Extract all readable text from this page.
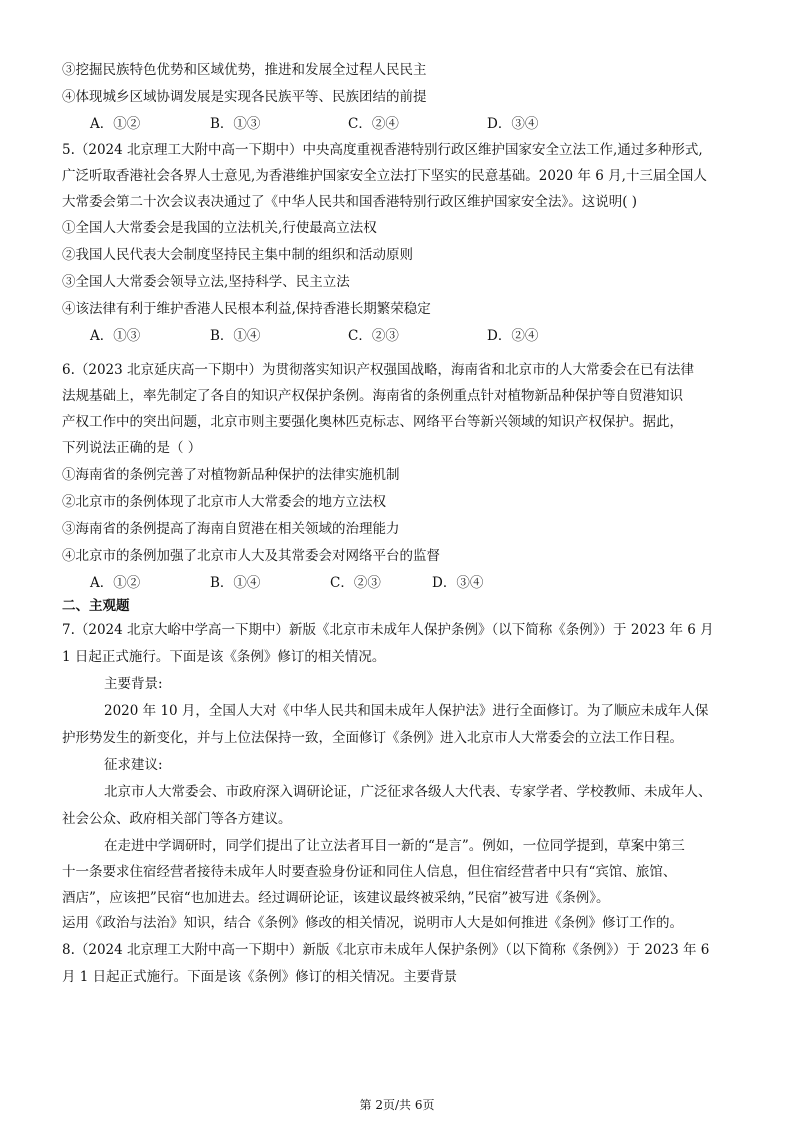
③挖掘民族特色优势和区域优势，推进和发展全过程人民民主
④体现城乡区域协调发展是实现各民族平等、民族团结的前提
A．①②	B．①③	C．②④	D．③④
5.（2024 北京理工大附中高一下期中）中央高度重视香港特别行政区维护国家安全立法工作,通过多种形式,
广泛听取香港社会各界人士意见,为香港维护国家安全立法打下坚实的民意基础。2020 年 6 月,十三届全国人
大常委会第二十次会议表决通过了《中华人民共和国香港特别行政区维护国家安全法》。这说明( )
①全国人大常委会是我国的立法机关,行使最高立法权
②我国人民代表大会制度坚持民主集中制的组织和活动原则
③全国人大常委会领导立法,坚持科学、民主立法
④该法律有利于维护香港人民根本利益,保持香港长期繁荣稳定
A．①③	B．①④	C．②③	D．②④
6.（2023 北京延庆高一下期中）为贯彻落实知识产权强国战略，海南省和北京市的人大常委会在已有法律
法规基础上，率先制定了各自的知识产权保护条例。海南省的条例重点针对植物新品种保护等自贸港知识
产权工作中的突出问题，北京市则主要强化奥林匹克标志、网络平台等新兴领域的知识产权保护。据此，
下列说法正确的是（ ）
①海南省的条例完善了对植物新品种保护的法律实施机制
②北京市的条例体现了北京市人大常委会的地方立法权
③海南省的条例提高了海南自贸港在相关领域的治理能力
④北京市的条例加强了北京市人大及其常委会对网络平台的监督
A．①②	B．①④	C．②③	D．③④
二、主观题
7.（2024 北京大峪中学高一下期中）新版《北京市未成年人保护条例》（以下简称《条例》）于 2023 年 6 月
1 日起正式施行。下面是该《条例》修订的相关情况。
主要背景:
2020 年 10 月，全国人大对《中华人民共和国未成年人保护法》进行全面修订。为了顺应未成年人保
护形势发生的新变化，并与上位法保持一致，全面修订《条例》进入北京市人大常委会的立法工作日程。
征求建议:
北京市人大常委会、市政府深入调研论证，广泛征求各级人大代表、专家学者、学校教师、未成年人、
社会公众、政府相关部门等各方建议。
在走进中学调研时，同学们提出了让立法者耳目一新的“是言”。例如，一位同学提到，草案中第三
十一条要求住宿经营者接待未成年人时要查验身份证和同住人信息，但住宿经营者中只有“宾馆、旅馆、
酒店”，应该把”民宿“也加进去。经过调研论证，该建议最终被采纳，”民宿”被写进《条例》。
运用《政治与法治》知识，结合《条例》修改的相关情况，说明市人大是如何推进《条例》修订工作的。
8.（2024 北京理工大附中高一下期中）新版《北京市未成年人保护条例》（以下简称《条例》）于 2023 年 6
月 1 日起正式施行。下面是该《条例》修订的相关情况。主要背景
第 2页/共 6页
